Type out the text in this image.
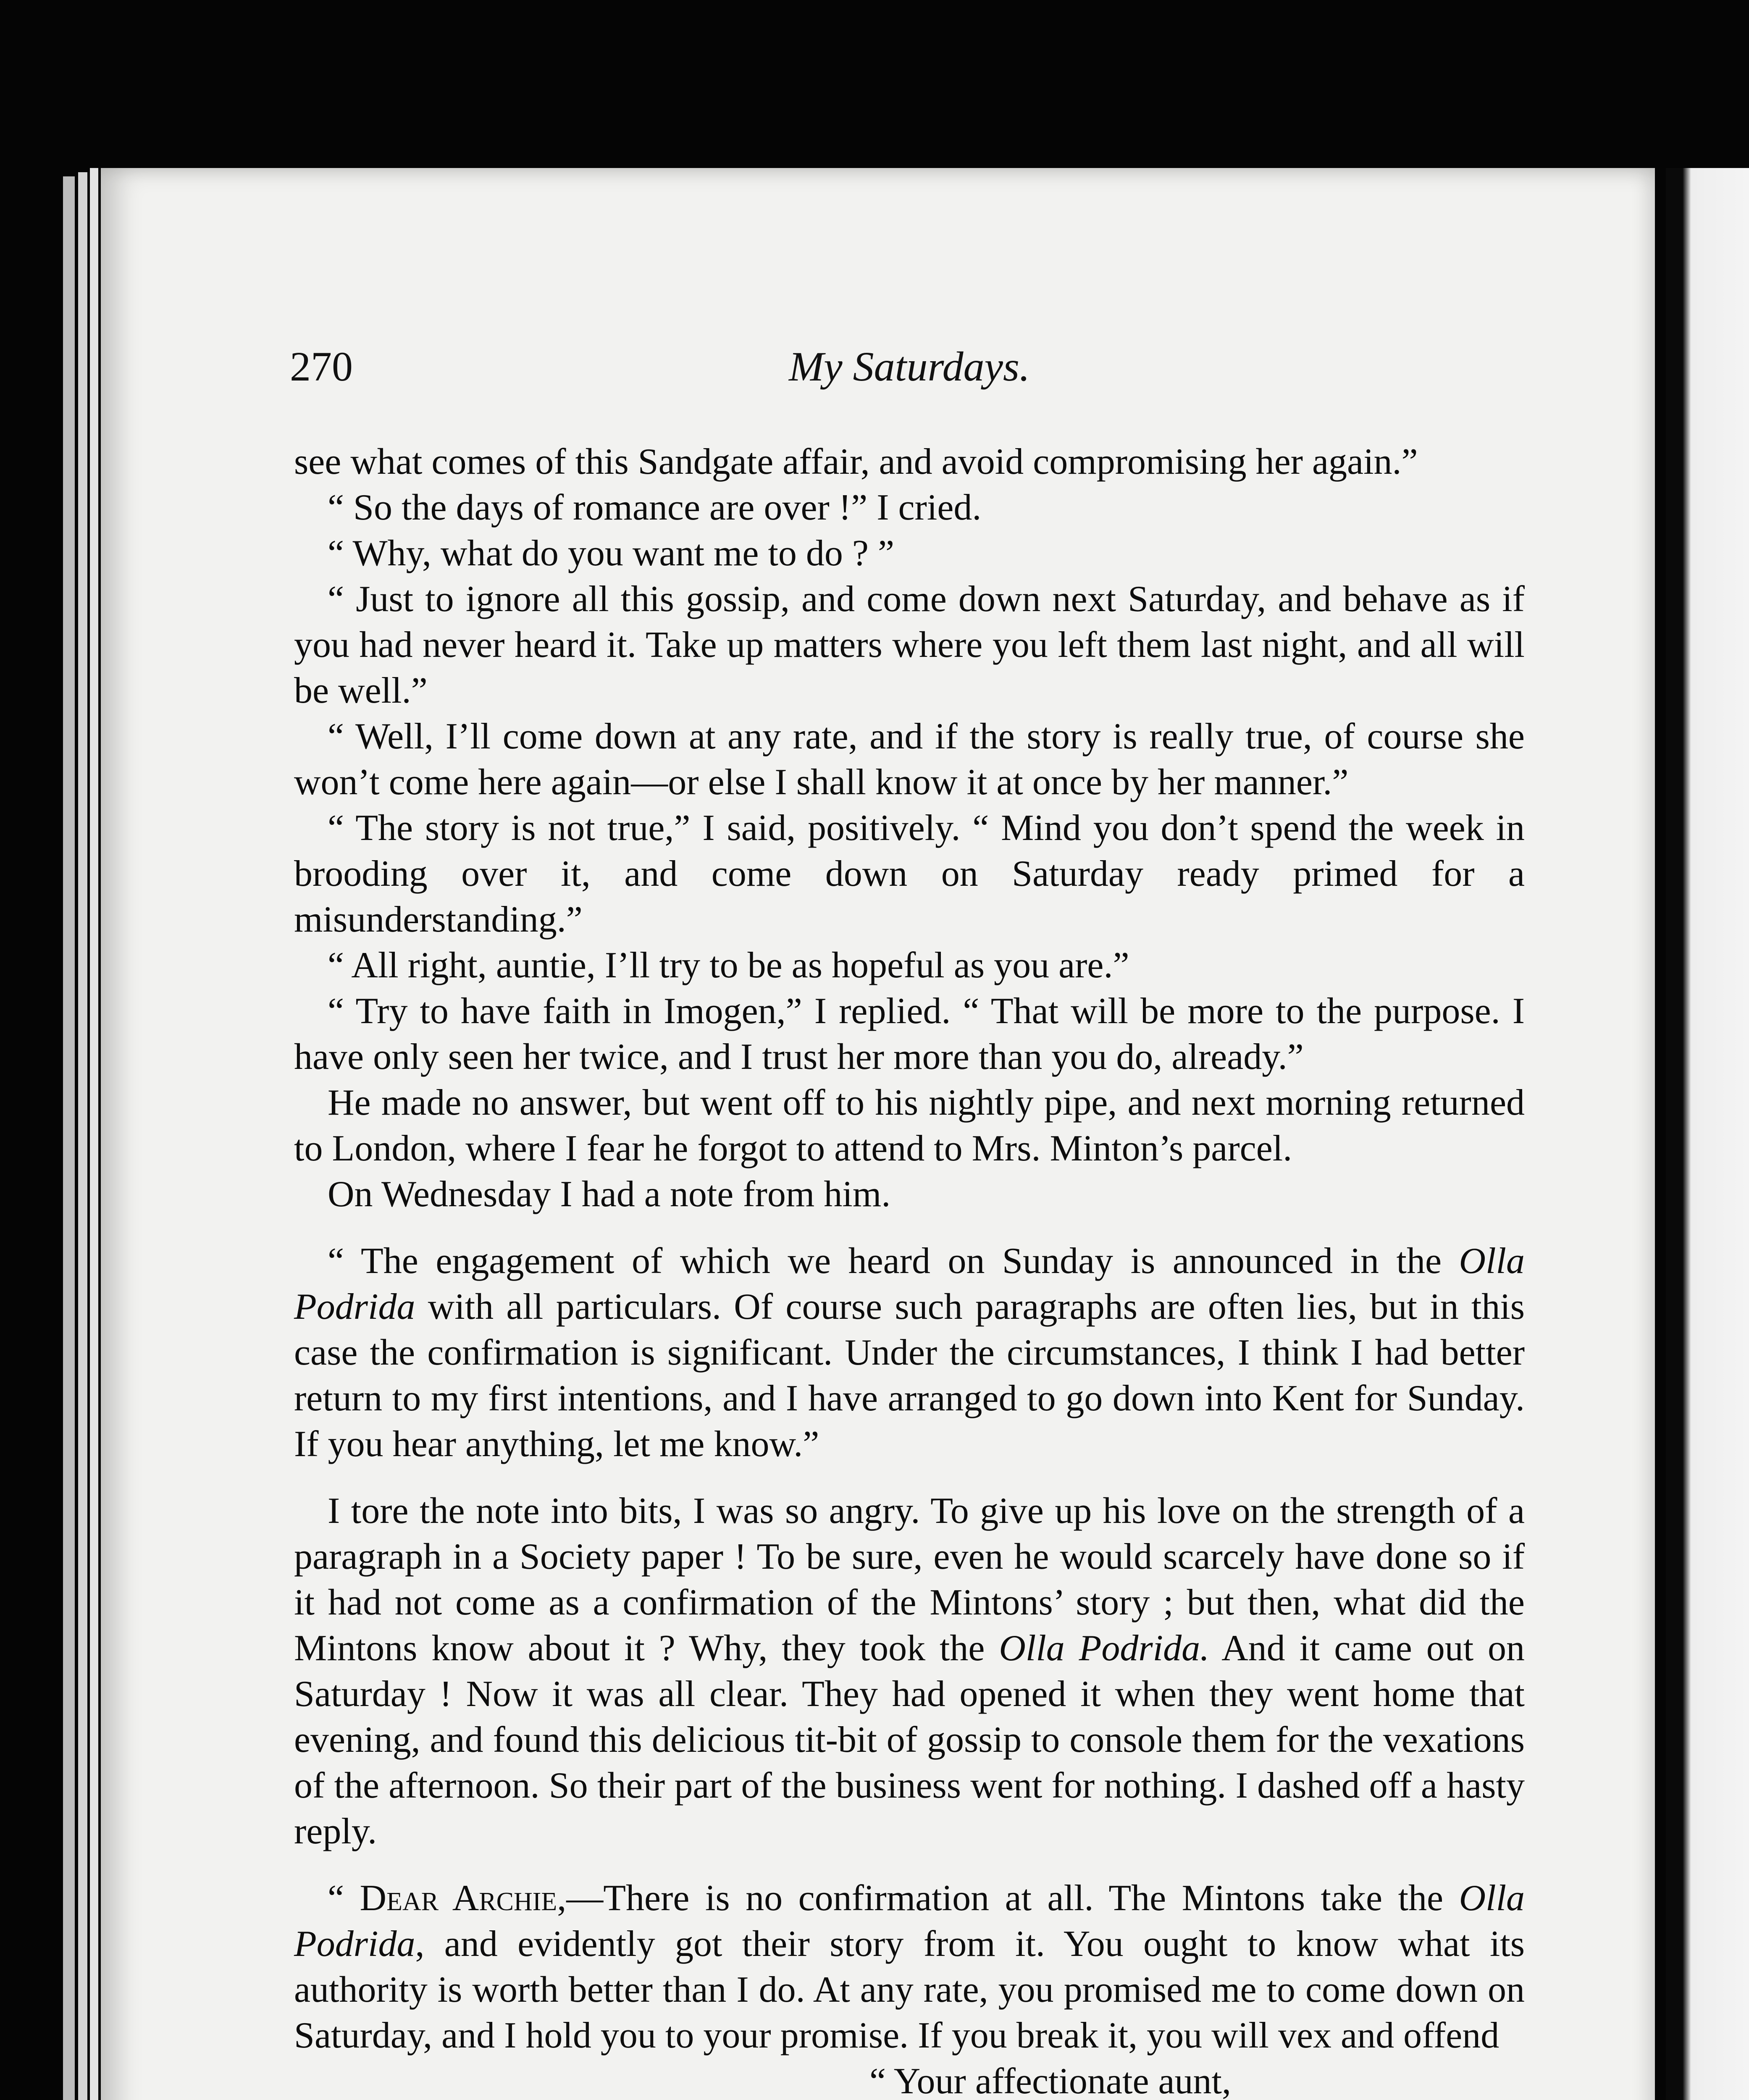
270	My Saturdays.

see what comes of this Sandgate affair, and avoid compromising her again.”

“ So the days of romance are over !” I cried.

“ Why, what do you want me to do ? ”

“ Just to ignore all this gossip, and come down next Saturday, and behave as if you had never heard it. Take up matters where you left them last night, and all will be well.”

“ Well, I’ll come down at any rate, and if the story is really true, of course she won’t come here again—or else I shall know it at once by her manner.”

“ The story is not true,” I said, positively. “ Mind you don’t spend the week in brooding over it, and come down on Saturday ready primed for a misunderstanding.”

“ All right, auntie, I’ll try to be as hopeful as you are.”

“ Try to have faith in Imogen,” I replied. “ That will be more to the purpose. I have only seen her twice, and I trust her more than you do, already.”

He made no answer, but went off to his nightly pipe, and next morning returned to London, where I fear he forgot to attend to Mrs. Minton’s parcel.

On Wednesday I had a note from him.

“ The engagement of which we heard on Sunday is announced in the Olla Podrida with all particulars. Of course such paragraphs are often lies, but in this case the confirmation is significant. Under the circumstances, I think I had better return to my first intentions, and I have arranged to go down into Kent for Sunday. If you hear anything, let me know.”

I tore the note into bits, I was so angry. To give up his love on the strength of a paragraph in a Society paper ! To be sure, even he would scarcely have done so if it had not come as a confirmation of the Mintons’ story ; but then, what did the Mintons know about it ? Why, they took the Olla Podrida. And it came out on Saturday ! Now it was all clear. They had opened it when they went home that evening, and found this delicious tit-bit of gossip to console them for the vexations of the afternoon. So their part of the business went for nothing. I dashed off a hasty reply.

“ Dear Archie,—There is no confirmation at all. The Mintons take the Olla Podrida, and evidently got their story from it. You ought to know what its authority is worth better than I do. At any rate, you promised me to come down on Saturday, and I hold you to your promise. If you break it, you will vex and offend

“ Your affectionate aunt,
